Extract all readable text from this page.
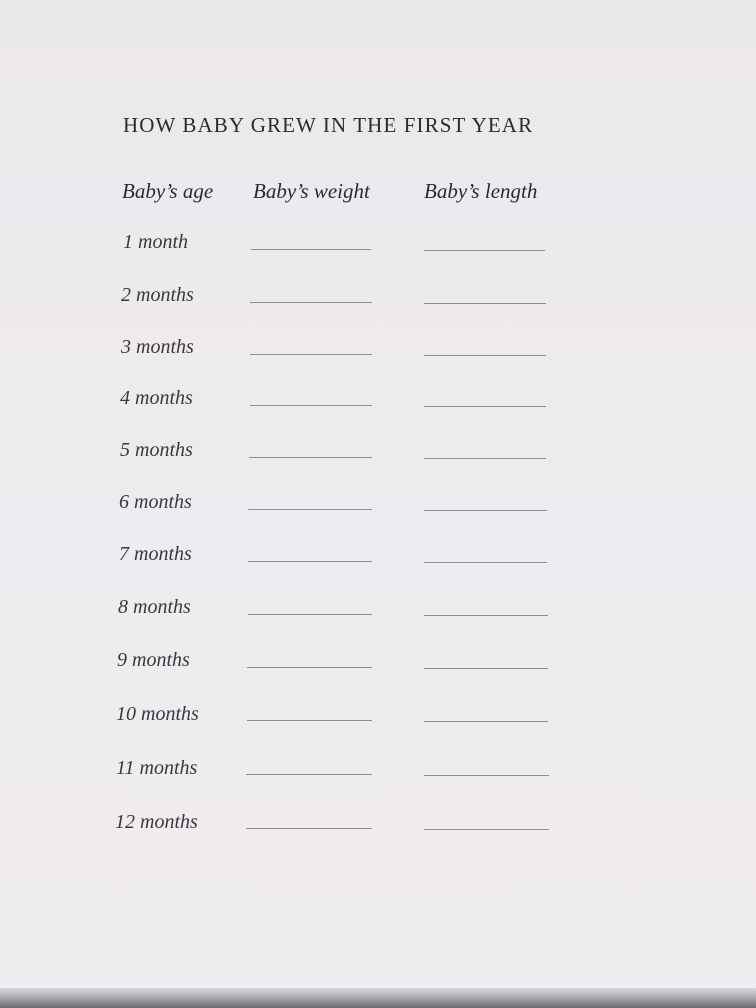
HOW BABY GREW IN THE FIRST YEAR
Baby’s age Baby’s weight	Baby’s length
1 month
2 months
3 months
4 months
5 months
6 months
7 months
8 months
9 months
10 months
11 months
12 months
